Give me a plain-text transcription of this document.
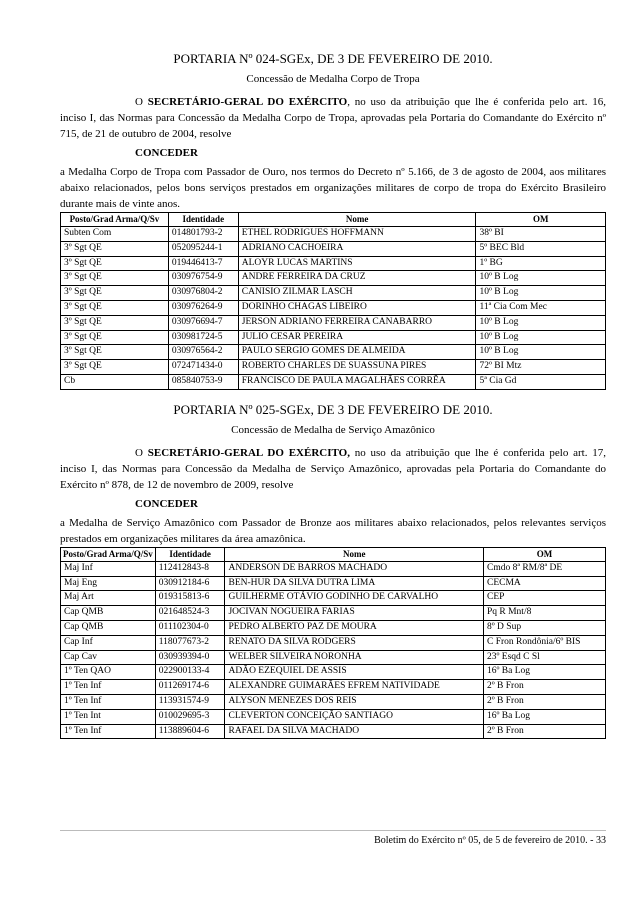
PORTARIA Nº 024-SGEx, DE 3 DE FEVEREIRO DE 2010.
Concessão de Medalha Corpo de Tropa

O SECRETÁRIO-GERAL DO EXÉRCITO, no uso da atribuição que lhe é conferida pelo art. 16, inciso I, das Normas para Concessão da Medalha Corpo de Tropa, aprovadas pela Portaria do Comandante do Exército nº 715, de 21 de outubro de 2004, resolve

CONCEDER

a Medalha Corpo de Tropa com Passador de Ouro, nos termos do Decreto nº 5.166, de 3 de agosto de 2004, aos militares abaixo relacionados, pelos bons serviços prestados em organizações militares de corpo de tropa do Exército Brasileiro durante mais de vinte anos.

Posto/Grad Arma/Q/Sv	Identidade	Nome	OM
Subten Com	014801793-2	ETHEL RODRIGUES HOFFMANN	38º BI
3º Sgt QE	052095244-1	ADRIANO CACHOEIRA	5º BEC Bld
3º Sgt QE	019446413-7	ALOYR LUCAS MARTINS	1º BG
3º Sgt QE	030976754-9	ANDRE FERREIRA DA CRUZ	10º B Log
3º Sgt QE	030976804-2	CANISIO ZILMAR LASCH	10º B Log
3º Sgt QE	030976264-9	DORINHO CHAGAS LIBEIRO	11ª Cia Com Mec
3º Sgt QE	030976694-7	JERSON ADRIANO FERREIRA CANABARRO	10º B Log
3º Sgt QE	030981724-5	JULIO CESAR PEREIRA	10º B Log
3º Sgt QE	030976564-2	PAULO SERGIO GOMES DE ALMEIDA	10º B Log
3º Sgt QE	072471434-0	ROBERTO CHARLES DE SUASSUNA PIRES	72º BI Mtz
Cb	085840753-9	FRANCISCO DE PAULA MAGALHÃES CORRÊA	5ª Cia Gd
PORTARIA Nº 025-SGEx, DE 3 DE FEVEREIRO DE 2010.
Concessão de Medalha de Serviço Amazônico

O SECRETÁRIO-GERAL DO EXÉRCITO, no uso da atribuição que lhe é conferida pelo art. 17, inciso I, das Normas para Concessão da Medalha de Serviço Amazônico, aprovadas pela Portaria do Comandante do Exército nº 878, de 12 de novembro de 2009, resolve

CONCEDER

a Medalha de Serviço Amazônico com Passador de Bronze aos militares abaixo relacionados, pelos relevantes serviços prestados em organizações militares da área amazônica.

Posto/Grad Arma/Q/Sv	Identidade	Nome	OM
Maj Inf	112412843-8	ANDERSON DE BARROS MACHADO	Cmdo 8ª RM/8ª DE
Maj Eng	030912184-6	BEN-HUR DA SILVA DUTRA LIMA	CECMA
Maj Art	019315813-6	GUILHERME OTÁVIO GODINHO DE CARVALHO	CEP
Cap QMB	021648524-3	JOCIVAN NOGUEIRA FARIAS	Pq R Mnt/8
Cap QMB	011102304-0	PEDRO ALBERTO PAZ DE MOURA	8º D Sup
Cap Inf	118077673-2	RENATO DA SILVA RODGERS	C Fron Rondônia/6º BIS
Cap Cav	030939394-0	WELBER SILVEIRA NORONHA	23º Esqd C Sl
1º Ten QAO	022900133-4	ADÃO EZEQUIEL DE ASSIS	16º Ba Log
1º Ten Inf	011269174-6	ALEXANDRE GUIMARÃES EFREM NATIVIDADE	2º B Fron
1º Ten Inf	113931574-9	ALYSON MENEZES DOS REIS	2º B Fron
1º Ten Int	010029695-3	CLEVERTON CONCEIÇÃO SANTIAGO	16º Ba Log
1º Ten Inf	113889604-6	RAFAEL DA SILVA MACHADO	2º B Fron
Boletim do Exército nº 05, de 5 de fevereiro de 2010. - 33
